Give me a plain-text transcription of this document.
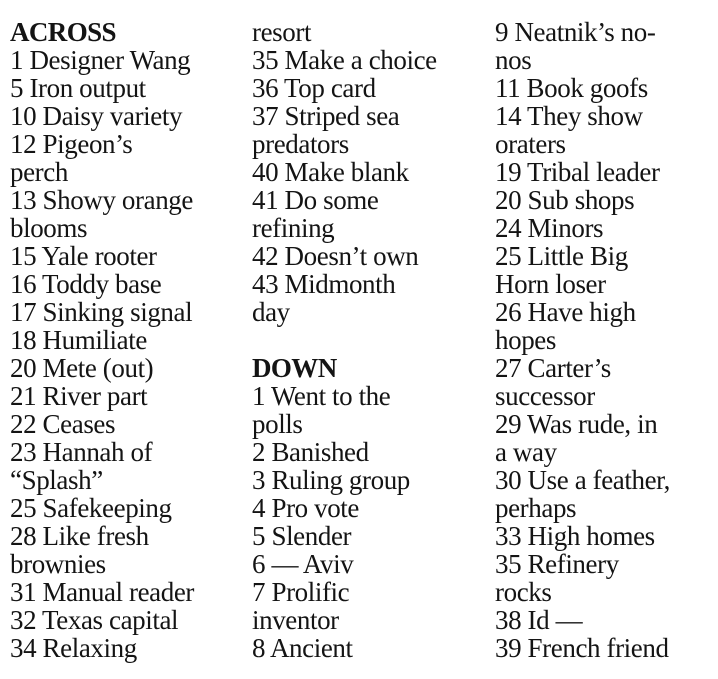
ACROSS
1 Designer Wang
5 Iron output
10 Daisy variety
12 Pigeon’s
perch
13 Showy orange
blooms
15 Yale rooter
16 Toddy base
17 Sinking signal
18 Humiliate
20 Mete (out)
21 River part
22 Ceases
23 Hannah of
“Splash”
25 Safekeeping
28 Like fresh
brownies
31 Manual reader
32 Texas capital
34 Relaxing
resort
35 Make a choice
36 Top card
37 Striped sea
predators
40 Make blank
41 Do some
refining
42 Doesn’t own
43 Midmonth
day
DOWN
1 Went to the
polls
2 Banished
3 Ruling group
4 Pro vote
5 Slender
6 — Aviv
7 Prolific
inventor
8 Ancient
9 Neatnik’s no-
nos
11 Book goofs
14 They show
oraters
19 Tribal leader
20 Sub shops
24 Minors
25 Little Big
Horn loser
26 Have high
hopes
27 Carter’s
successor
29 Was rude, in
a way
30 Use a feather,
perhaps
33 High homes
35 Refinery
rocks
38 Id —
39 French friend
